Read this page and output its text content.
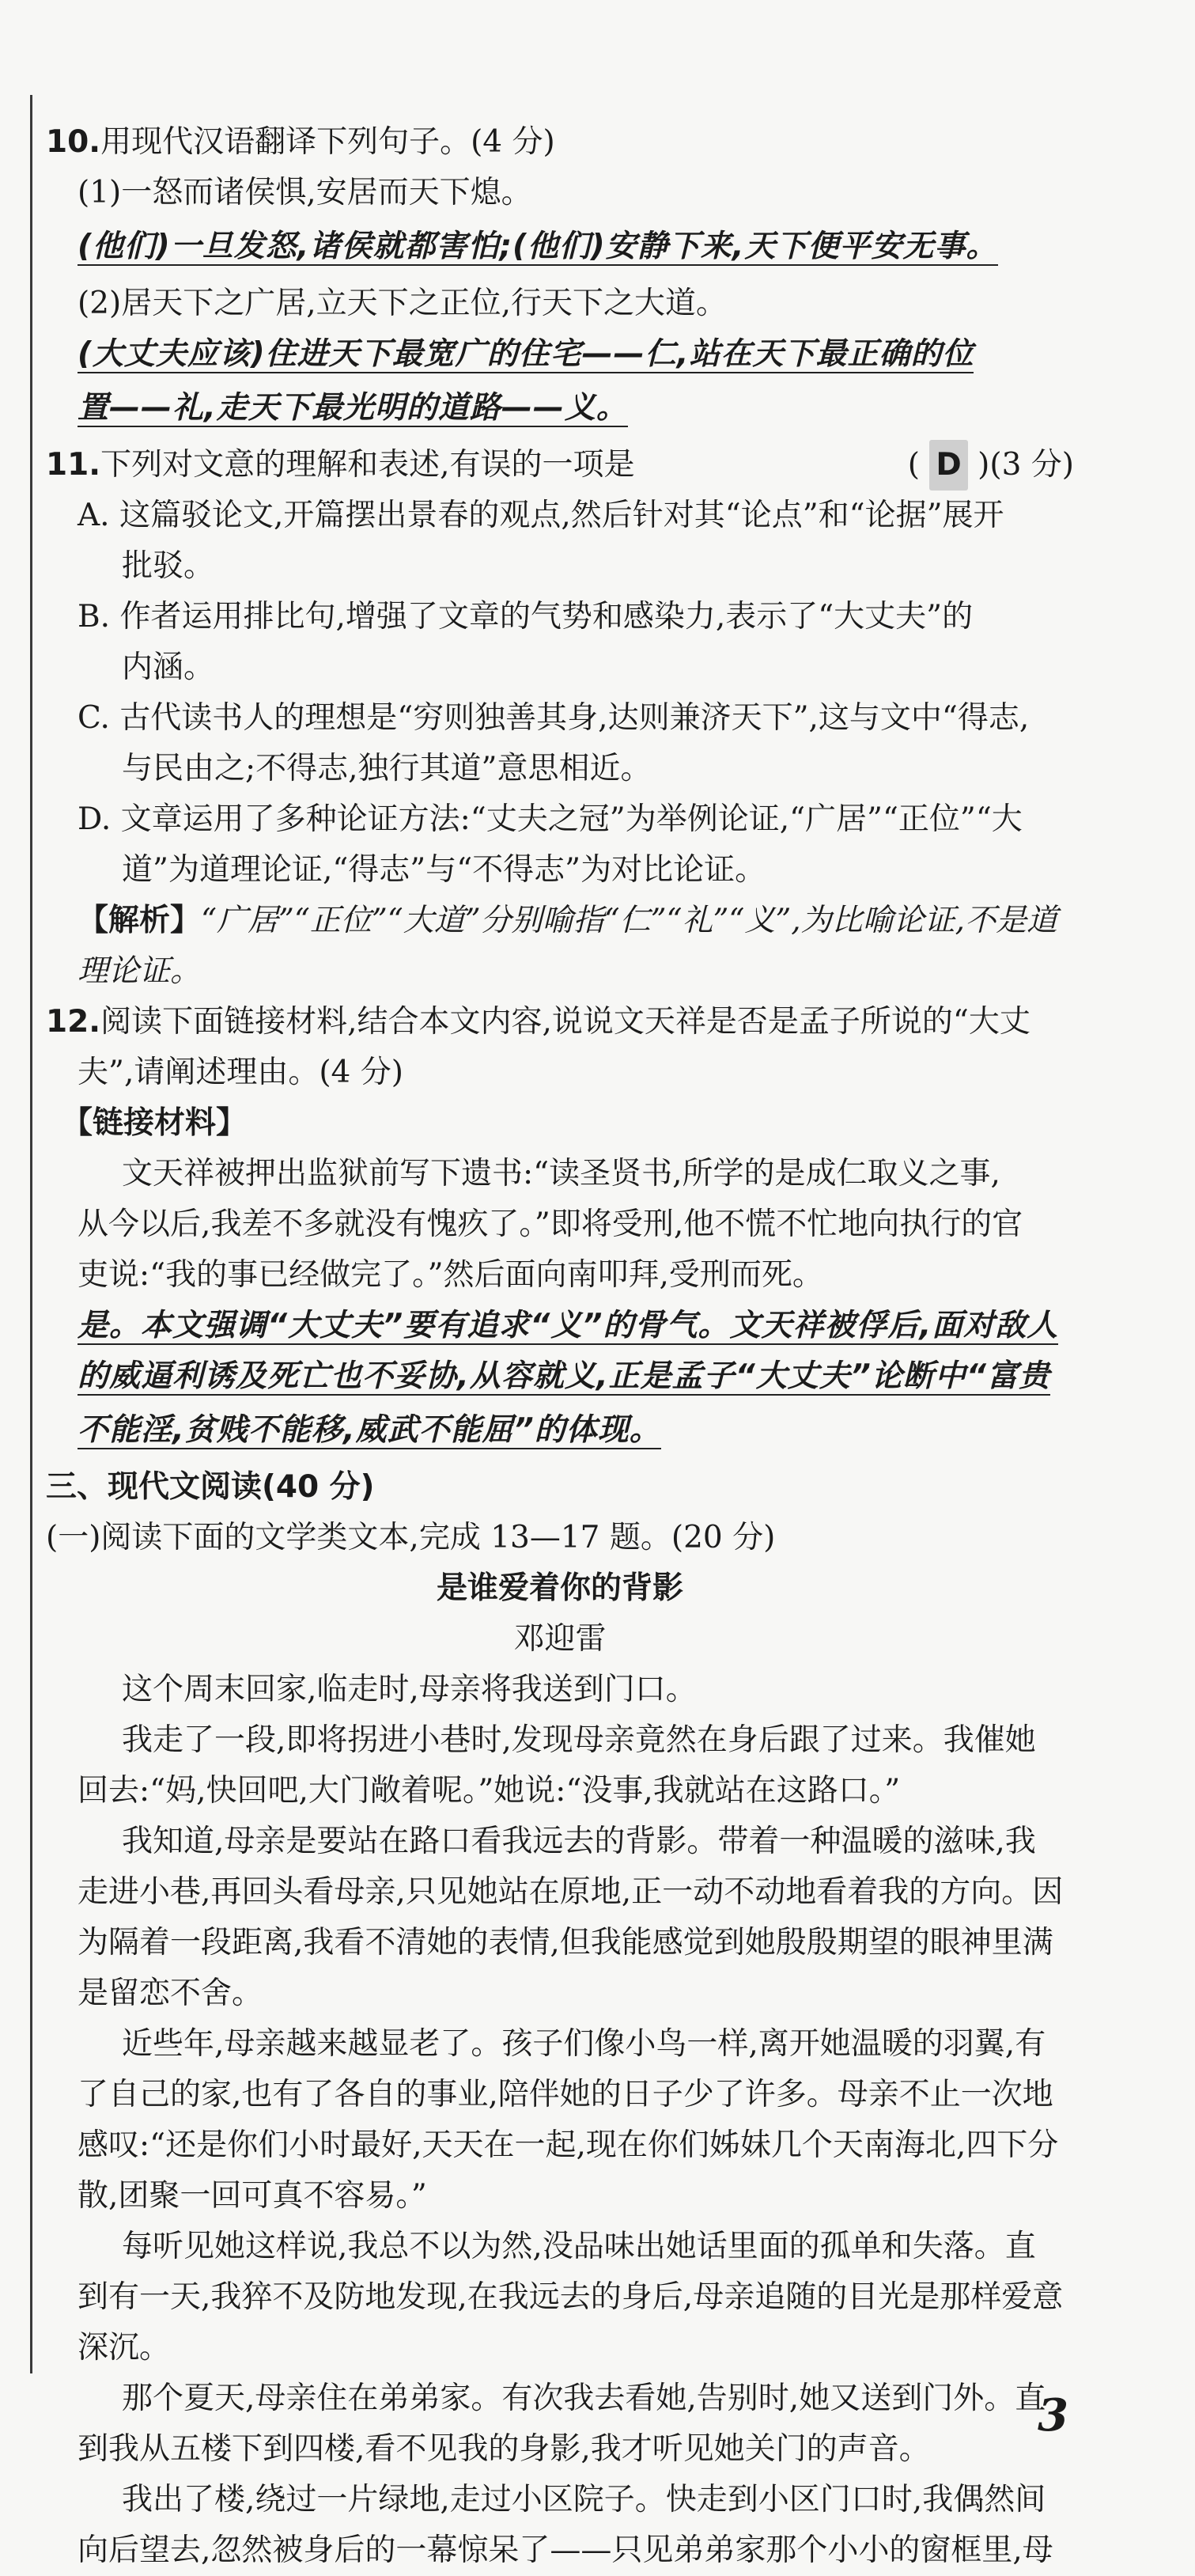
10.用现代汉语翻译下列句子。(4 分)
(1)一怒而诸侯惧,安居而天下熄。
(他们)一旦发怒,诸侯就都害怕;(他们)安静下来,天下便平安无事。
(2)居天下之广居,立天下之正位,行天下之大道。
(大丈夫应该)住进天下最宽广的住宅——仁,站在天下最正确的位
置——礼,走天下最光明的道路——义。
11.下列对文意的理解和表述,有误的一项是	( D )(3 分)
A. 这篇驳论文,开篇摆出景春的观点,然后针对其“论点”和“论据”展开
批驳。
B. 作者运用排比句,增强了文章的气势和感染力,表示了“大丈夫”的
内涵。
C. 古代读书人的理想是“穷则独善其身,达则兼济天下”,这与文中“得志,
与民由之;不得志,独行其道”意思相近。
D. 文章运用了多种论证方法:“丈夫之冠”为举例论证,“广居”“正位”“大
道”为道理论证,“得志”与“不得志”为对比论证。
【解析】“广居”“正位”“大道”分别喻指“仁”“礼”“义”,为比喻论证,不是道
理论证。
12.阅读下面链接材料,结合本文内容,说说文天祥是否是孟子所说的“大丈
夫”,请阐述理由。(4 分)
【链接材料】
文天祥被押出监狱前写下遗书:“读圣贤书,所学的是成仁取义之事,
从今以后,我差不多就没有愧疚了。”即将受刑,他不慌不忙地向执行的官
吏说:“我的事已经做完了。”然后面向南叩拜,受刑而死。
是。本文强调“大丈夫”要有追求“义”的骨气。文天祥被俘后,面对敌人
的威逼利诱及死亡也不妥协,从容就义,正是孟子“大丈夫”论断中“富贵
不能淫,贫贱不能移,威武不能屈”的体现。
三、现代文阅读(40 分)
(一)阅读下面的文学类文本,完成 13—17 题。(20 分)
是谁爱着你的背影
邓迎雷
这个周末回家,临走时,母亲将我送到门口。
我走了一段,即将拐进小巷时,发现母亲竟然在身后跟了过来。我催她
回去:“妈,快回吧,大门敞着呢。”她说:“没事,我就站在这路口。”
我知道,母亲是要站在路口看我远去的背影。带着一种温暖的滋味,我
走进小巷,再回头看母亲,只见她站在原地,正一动不动地看着我的方向。因
为隔着一段距离,我看不清她的表情,但我能感觉到她殷殷期望的眼神里满
是留恋不舍。
近些年,母亲越来越显老了。孩子们像小鸟一样,离开她温暖的羽翼,有
了自己的家,也有了各自的事业,陪伴她的日子少了许多。母亲不止一次地
感叹:“还是你们小时最好,天天在一起,现在你们姊妹几个天南海北,四下分
散,团聚一回可真不容易。”
每听见她这样说,我总不以为然,没品味出她话里面的孤单和失落。直
到有一天,我猝不及防地发现,在我远去的身后,母亲追随的目光是那样爱意
深沉。
那个夏天,母亲住在弟弟家。有次我去看她,告别时,她又送到门外。直
到我从五楼下到四楼,看不见我的身影,我才听见她关门的声音。
我出了楼,绕过一片绿地,走过小区院子。快走到小区门口时,我偶然间
向后望去,忽然被身后的一幕惊呆了——只见弟弟家那个小小的窗框里,母
3
